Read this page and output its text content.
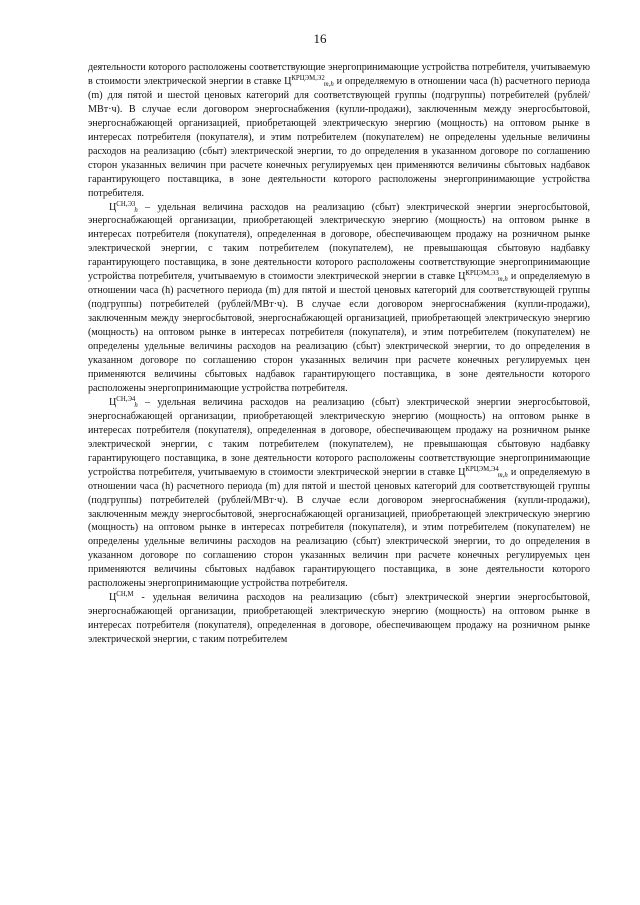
16

деятельности которого расположены соответствующие энергопринимающие устройства потребителя, учитываемую в стоимости электрической энергии в ставке $Ц^{КРЦЭМ,Э2}_{m,h}$ и определяемую в отношении часа (h) расчетного периода (m) для пятой и шестой ценовых категорий для соответствующей группы (подгруппы) потребителей (рублей/МВт·ч). В случае если договором энергоснабжения (купли-продажи), заключенным между энергосбытовой, энергоснабжающей организацией, приобретающей электрическую энергию (мощность) на оптовом рынке в интересах потребителя (покупателя), и этим потребителем (покупателем) не определены удельные величины расходов на реализацию (сбыт) электрической энергии, то до определения в указанном договоре по соглашению сторон указанных величин при расчете конечных регулируемых цен применяются величины сбытовых надбавок гарантирующего поставщика, в зоне деятельности которого расположены энергопринимающие устройства потребителя.

$Ц^{СН,Э3}_h$ – удельная величина расходов на реализацию (сбыт) электрической энергии энергосбытовой, энергоснабжающей организации, приобретающей электрическую энергию (мощность) на оптовом рынке в интересах потребителя (покупателя), определенная в договоре, обеспечивающем продажу на розничном рынке электрической энергии, с таким потребителем (покупателем), не превышающая сбытовую надбавку гарантирующего поставщика, в зоне деятельности которого расположены соответствующие энергопринимающие устройства потребителя, учитываемую в стоимости электрической энергии в ставке $Ц^{КРЦЭМ,Э3}_{m,h}$ и определяемую в отношении часа (h) расчетного периода (m) для пятой и шестой ценовых категорий для соответствующей группы (подгруппы) потребителей (рублей/МВт·ч). В случае если договором энергоснабжения (купли-продажи), заключенным между энергосбытовой, энергоснабжающей организацией, приобретающей электрическую энергию (мощность) на оптовом рынке в интересах потребителя (покупателя), и этим потребителем (покупателем) не определены удельные величины расходов на реализацию (сбыт) электрической энергии, то до определения в указанном договоре по соглашению сторон указанных величин при расчете конечных регулируемых цен применяются величины сбытовых надбавок гарантирующего поставщика, в зоне деятельности которого расположены энергопринимающие устройства потребителя.

$Ц^{СН,Э4}_h$ – удельная величина расходов на реализацию (сбыт) электрической энергии энергосбытовой, энергоснабжающей организации, приобретающей электрическую энергию (мощность) на оптовом рынке в интересах потребителя (покупателя), определенная в договоре, обеспечивающем продажу на розничном рынке электрической энергии, с таким потребителем (покупателем), не превышающая сбытовую надбавку гарантирующего поставщика, в зоне деятельности которого расположены соответствующие энергопринимающие устройства потребителя, учитываемую в стоимости электрической энергии в ставке $Ц^{КРЦЭМ,Э4}_{m,h}$ и определяемую в отношении часа (h) расчетного периода (m) для пятой и шестой ценовых категорий для соответствующей группы (подгруппы) потребителей (рублей/МВт·ч). В случае если договором энергоснабжения (купли-продажи), заключенным между энергосбытовой, энергоснабжающей организацией, приобретающей электрическую энергию (мощность) на оптовом рынке в интересах потребителя (покупателя), и этим потребителем (покупателем) не определены удельные величины расходов на реализацию (сбыт) электрической энергии, то до определения в указанном договоре по соглашению сторон указанных величин при расчете конечных регулируемых цен применяются величины сбытовых надбавок гарантирующего поставщика, в зоне деятельности которого расположены энергопринимающие устройства потребителя.

$Ц^{СН,М}$ - удельная величина расходов на реализацию (сбыт) электрической энергии энергосбытовой, энергоснабжающей организации, приобретающей электрическую энергию (мощность) на оптовом рынке в интересах потребителя (покупателя), определенная в договоре, обеспечивающем продажу на розничном рынке электрической энергии, с таким потребителем
